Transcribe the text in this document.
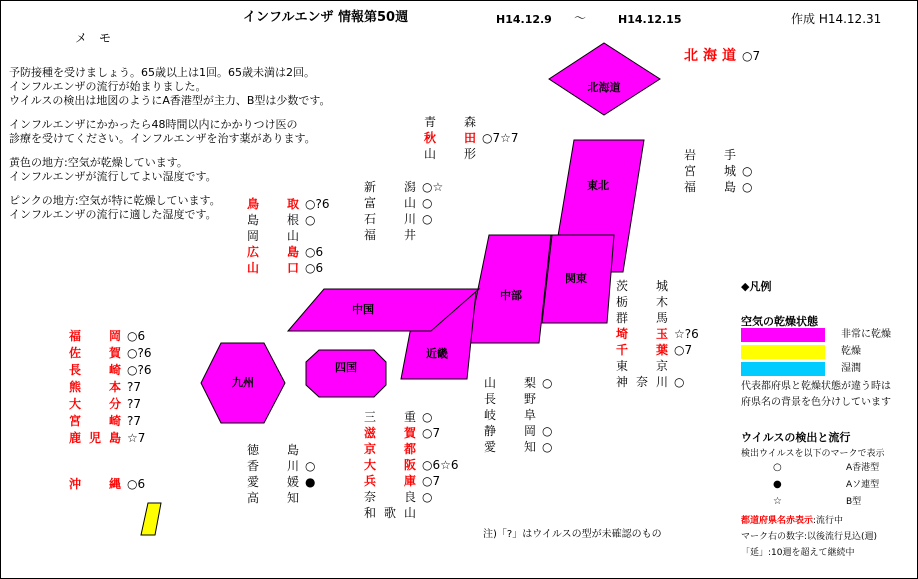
インフルエンザ 情報第50週	H14.12.9 ～	H14.12.15	作成 H14.12.31
メ　モ

予防接種を受けましょう。65歳以上は1回。65歳未満は2回。

インフルエンザの流行が始まりました。

ウイルスの検出は地図のようにA香港型が主力、B型は少数です。

インフルエンザにかかったら48時間以内にかかりつけ医の

診療を受けてください。インフルエンザを治す薬があります。

黄色の地方:空気が乾燥しています。

インフルエンザが流行してよい湿度です。

ピンクの地方:空気が特に乾燥しています。

インフルエンザの流行に適した湿度です。

北海道
東北
関東
中部
近畿
中国
四国
九州
北海道 ○7
青　森
秋　田 ○7☆7
山　形	岩　手
宮　城 ○
福　島 ○
新　潟 ○☆
富　山 ○
石　川 ○
福　井
鳥　取 ○?6
島　根 ○
岡　山
広　島 ○6
山　口 ○6
茨　城
栃　木
群　馬
埼　玉 ☆?6
千　葉 ○7
東　京
神奈川 ○
福　岡 ○6
佐　賀 ○?6
長　崎 ○?6
熊　本 ?7
大　分 ?7
宮　崎 ?7
鹿児島 ☆7
沖　縄 ○6
山　梨 ○
長　野
岐　阜
静　岡 ○
愛　知 ○
三　重 ○
滋　賀 ○7
京　都
大　阪 ○6☆6
兵　庫 ○7
奈　良 ○
和歌山
徳　島
香　川 ○
愛　媛 ●
高　知
注)「?」はウイルスの型が未確認のもの
◆凡例
空気の乾燥状態
非常に乾燥
乾燥
湿潤
代表都府県と乾燥状態が違う時は
府県名の背景を色分けしています
ウイルスの検出と流行
検出ウイルスを以下のマークで表示
○	A香港型
●	Aソ連型
☆	B型
都道府県名赤表示:流行中
マーク右の数字:以後流行見込(週)
「延」:10週を超えて継続中
